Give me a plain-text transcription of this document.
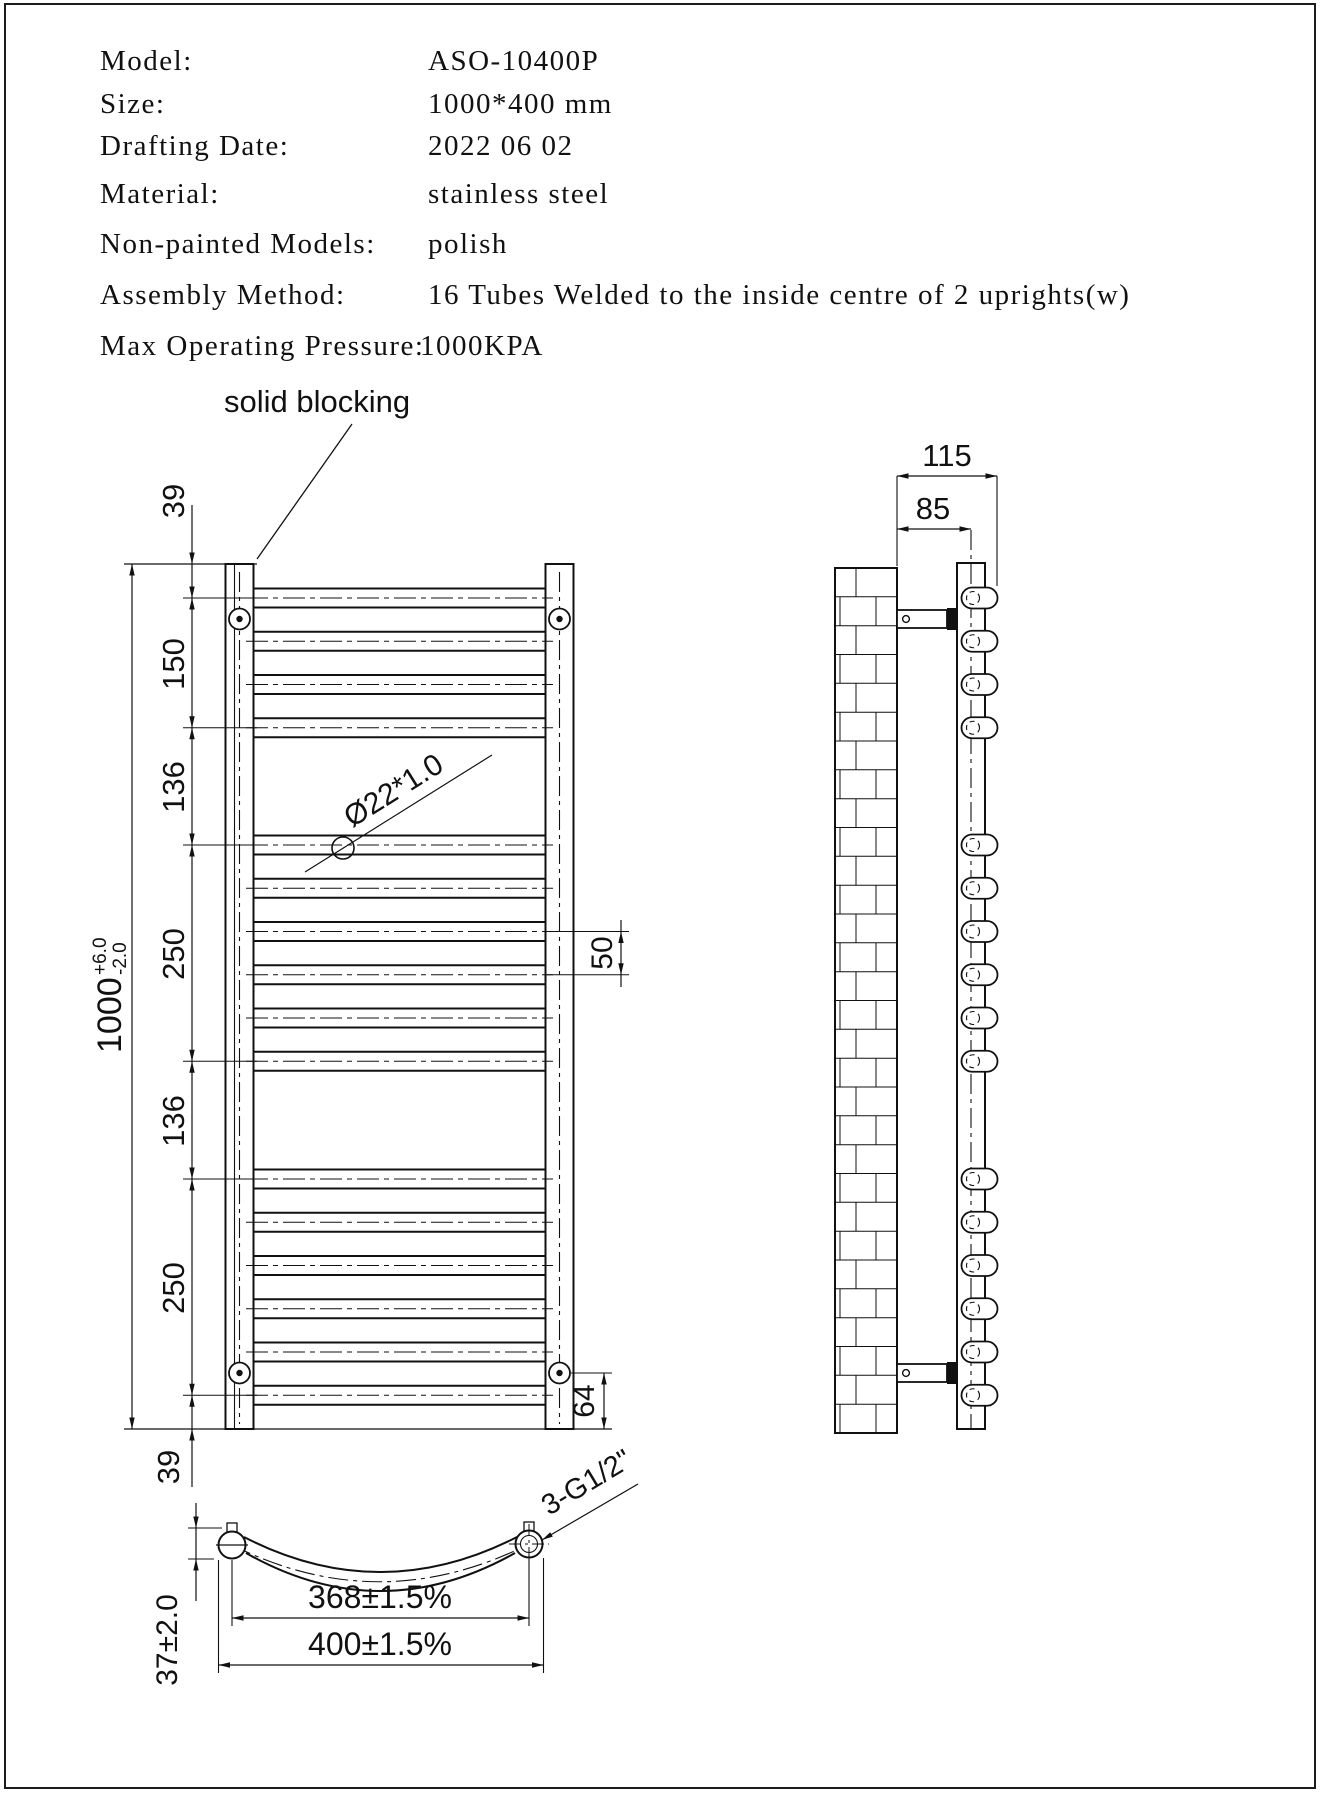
Model:	ASO-10400P
Size:	1000*400 mm
Drafting Date:	2022 06 02
Material:	stainless steel
Non-painted Models: polish
Assembly Method:	16 Tubes Welded to the inside centre of 2 uprights(w)
Max Operating Pressure:
1000KPA
1000
+6.0 -2.0
39
150
136
250
136
250
39
50
64
Ø22*1.0
solid blocking
115
85
3-G1/2"
368±1.5%
400±1.5%
37±2.0
